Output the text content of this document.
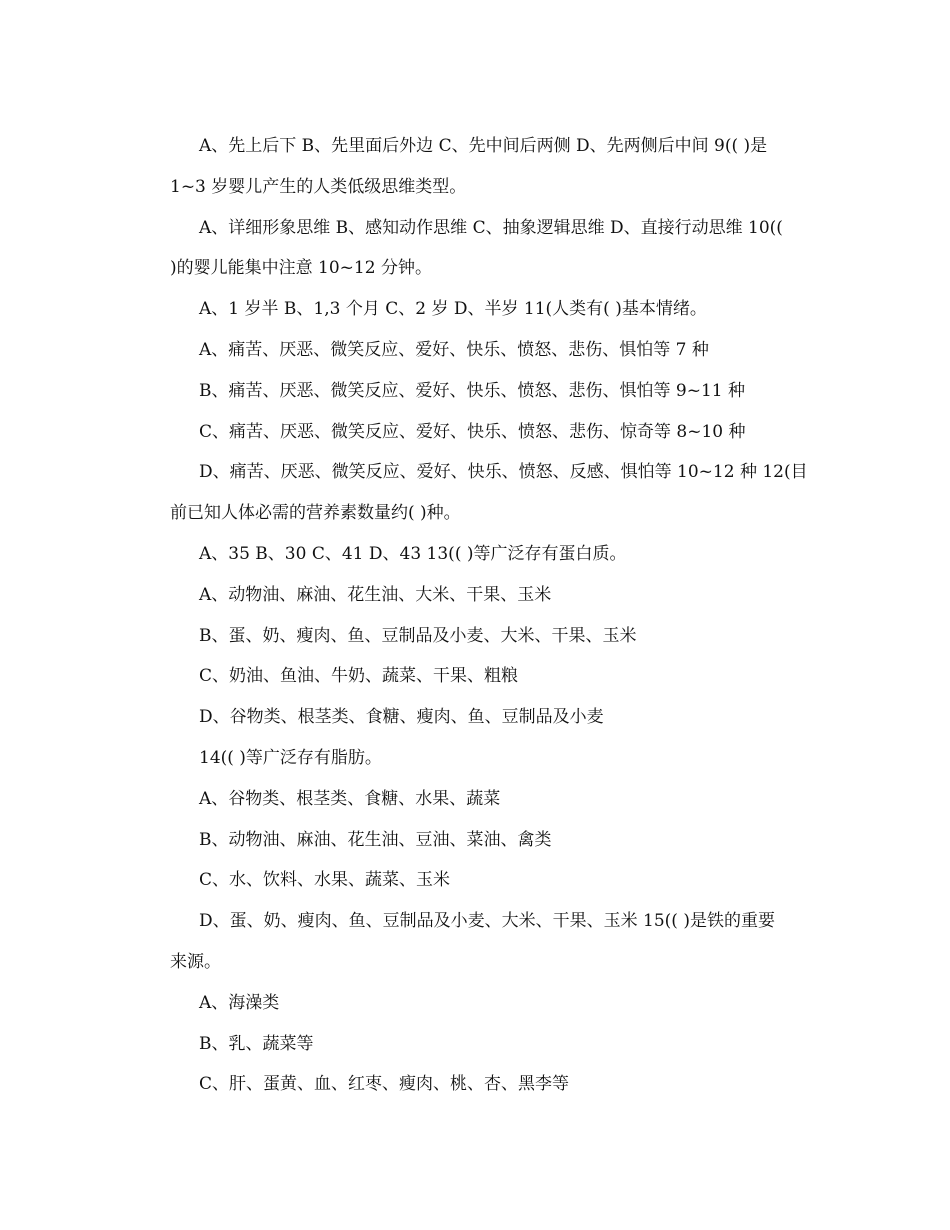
A、先上后下 B、先里面后外边 C、先中间后两侧 D、先两侧后中间 9(( )是
1~3 岁婴儿产生的人类低级思维类型。
A、详细形象思维 B、感知动作思维 C、抽象逻辑思维 D、直接行动思维 10((
)的婴儿能集中注意 10~12 分钟。
A、1 岁半 B、1,3 个月 C、2 岁 D、半岁 11(人类有( )基本情绪。
A、痛苦、厌恶、微笑反应、爱好、快乐、愤怒、悲伤、惧怕等 7 种
B、痛苦、厌恶、微笑反应、爱好、快乐、愤怒、悲伤、惧怕等 9~11 种
C、痛苦、厌恶、微笑反应、爱好、快乐、愤怒、悲伤、惊奇等 8~10 种
D、痛苦、厌恶、微笑反应、爱好、快乐、愤怒、反感、惧怕等 10~12 种 12(目
前已知人体必需的营养素数量约( )种。
A、35 B、30 C、41 D、43 13(( )等广泛存有蛋白质。
A、动物油、麻油、花生油、大米、干果、玉米
B、蛋、奶、瘦肉、鱼、豆制品及小麦、大米、干果、玉米
C、奶油、鱼油、牛奶、蔬菜、干果、粗粮
D、谷物类、根茎类、食糖、瘦肉、鱼、豆制品及小麦
14(( )等广泛存有脂肪。
A、谷物类、根茎类、食糖、水果、蔬菜
B、动物油、麻油、花生油、豆油、菜油、禽类
C、水、饮料、水果、蔬菜、玉米
D、蛋、奶、瘦肉、鱼、豆制品及小麦、大米、干果、玉米 15(( )是铁的重要
来源。
A、海澡类
B、乳、蔬菜等
C、肝、蛋黄、血、红枣、瘦肉、桃、杏、黑李等
